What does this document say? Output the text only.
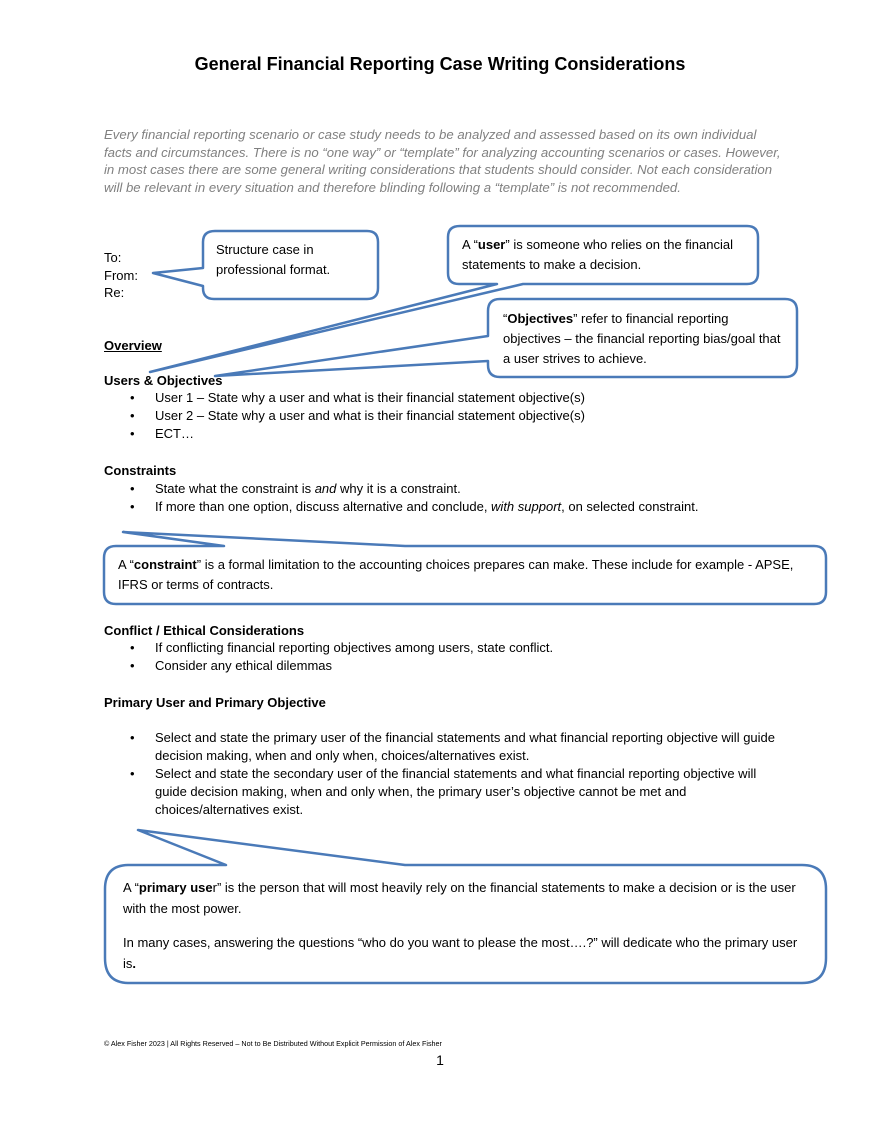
General Financial Reporting Case Writing Considerations
Every financial reporting scenario or case study needs to be analyzed and assessed based on its own individual facts and circumstances. There is no “one way” or “template” for analyzing accounting scenarios or cases. However, in most cases there are some general writing considerations that students should consider. Not each consideration will be relevant in every situation and therefore blinding following a “template” is not recommended.
To:
From:
Re:
Structure case in professional format.
A “user” is someone who relies on the financial statements to make a decision.
“Objectives” refer to financial reporting objectives – the financial reporting bias/goal that a user strives to achieve.
A “constraint” is a formal limitation to the accounting choices prepares can make. These include for example - APSE, IFRS or terms of contracts.
A “primary user” is the person that will most heavily rely on the financial statements to make a decision or is the user with the most power.
In many cases, answering the questions “who do you want to please the most….?” will dedicate who the primary user is.
Overview
Users & Objectives
• User 1 – State why a user and what is their financial statement objective(s)
• User 2 – State why a user and what is their financial statement objective(s)
• ECT…
Constraints
• State what the constraint is and why it is a constraint.
• If more than one option, discuss alternative and conclude, with support, on selected constraint.
Conflict / Ethical Considerations
• If conflicting financial reporting objectives among users, state conflict.
• Consider any ethical dilemmas
Primary User and Primary Objective
• Select and state the primary user of the financial statements and what financial reporting objective will guide decision making, when and only when, choices/alternatives exist.
• Select and state the secondary user of the financial statements and what financial reporting objective will guide decision making, when and only when, the primary user’s objective cannot be met and choices/alternatives exist.
© Alex Fisher 2023 | All Rights Reserved – Not to Be Distributed Without Explicit Permission of Alex Fisher
1
